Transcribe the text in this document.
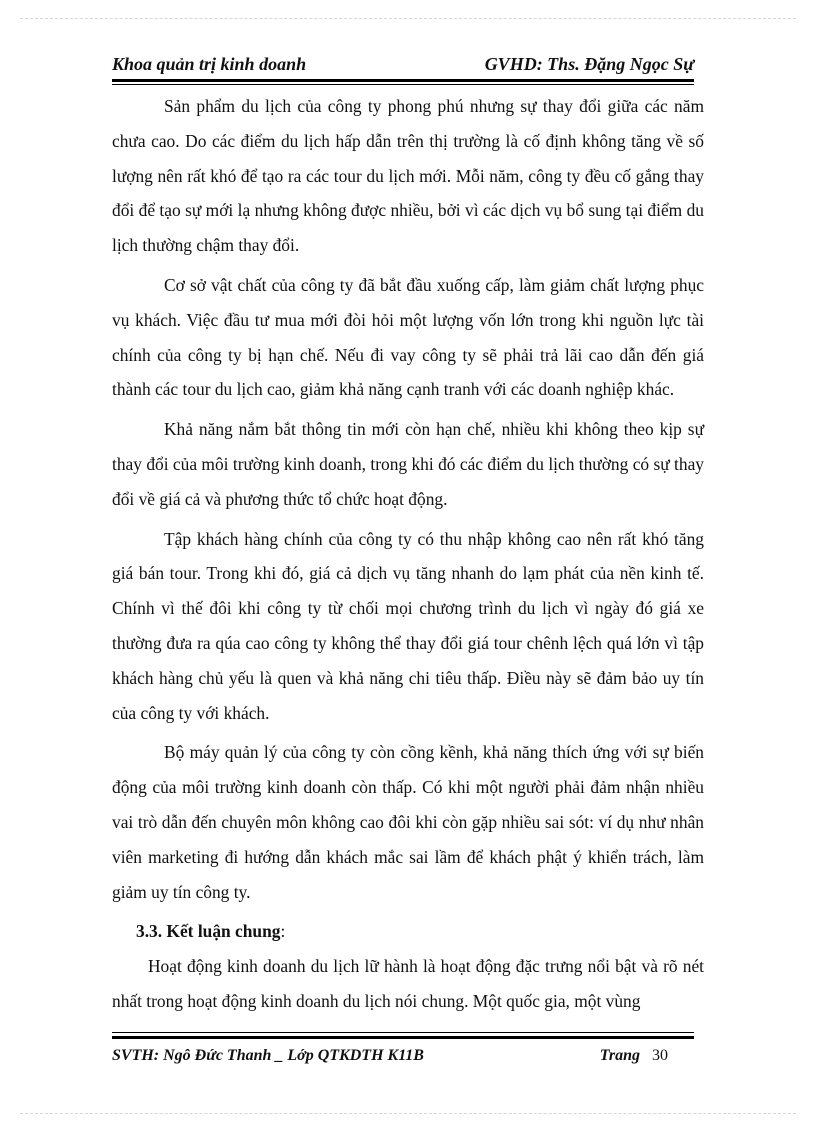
Khoa quản trị kinh doanh	GVHD: Ths. Đặng Ngọc Sự

Sản phẩm du lịch của công ty phong phú nhưng sự thay đổi giữa các năm chưa cao. Do các điểm du lịch hấp dẫn trên thị trường là cố định không tăng về số lượng nên rất khó để tạo ra các tour du lịch mới. Mỗi năm, công ty đều cố gắng thay đổi để tạo sự mới lạ nhưng không được nhiều, bởi vì các dịch vụ bổ sung tại điểm du lịch thường chậm thay đổi.

Cơ sở vật chất của công ty đã bắt đầu xuống cấp, làm giảm chất lượng phục vụ khách. Việc đầu tư mua mới đòi hỏi một lượng vốn lớn trong khi nguồn lực tài chính của công ty bị hạn chế. Nếu đi vay công ty sẽ phải trả lãi cao dẫn đến giá thành các tour du lịch cao, giảm khả năng cạnh tranh với các doanh nghiệp khác.

Khả năng nắm bắt thông tin mới còn hạn chế, nhiều khi không theo kịp sự thay đổi của môi trường kinh doanh, trong khi đó các điểm du lịch thường có sự thay đổi về giá cả và phương thức tổ chức hoạt động.

Tập khách hàng chính của công ty có thu nhập không cao nên rất khó tăng giá bán tour. Trong khi đó, giá cả dịch vụ tăng nhanh do lạm phát của nền kinh tế. Chính vì thế đôi khi công ty từ chối mọi chương trình du lịch vì ngày đó giá xe thường đưa ra qúa cao công ty không thể thay đổi giá tour chênh lệch quá lớn vì tập khách hàng chủ yếu là quen và khả năng chi tiêu thấp. Điều này sẽ đảm bảo uy tín của công ty với khách.

Bộ máy quản lý của công ty còn cồng kềnh, khả năng thích ứng với sự biến động của môi trường kinh doanh còn thấp. Có khi một người phải đảm nhận nhiều vai trò dẫn đến chuyên môn không cao đôi khi còn gặp nhiều sai sót: ví dụ như nhân viên marketing đi hướng dẫn khách mắc sai lầm để khách phật ý khiển trách, làm giảm uy tín công ty.

3.3. Kết luận chung:

Hoạt động kinh doanh du lịch lữ hành là hoạt động đặc trưng nổi bật và rõ nét nhất trong hoạt động kinh doanh du lịch nói chung. Một quốc gia, một vùng

SVTH: Ngô Đức Thanh _ Lớp QTKDTH K11B	Trang 30
